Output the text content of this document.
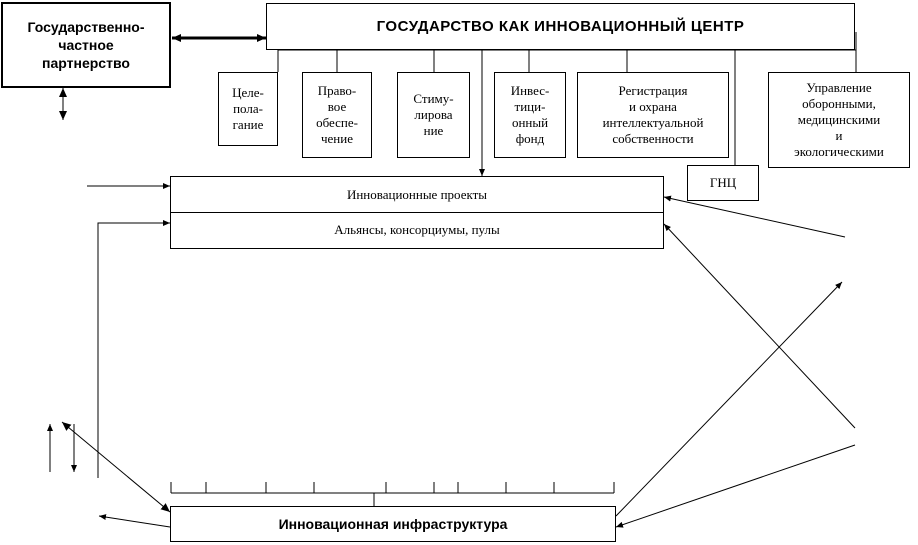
Государственно-
частное
партнерство
ГОСУДАРСТВО КАК ИННОВАЦИОННЫЙ ЦЕНТР
Целе-
пола-
гание
Право-
вое
обеспе-
чение
Стиму-
лирова
ние
Инвес-
тици-
онный
фонд
Регистрация
и охрана
интеллектуальной
собственности
Управление
оборонными,
медицинскими
и
экологическими
ГНЦ

Инновационные проекты

Альянсы, консорциумы, пулы

Инновационная инфраструктура
